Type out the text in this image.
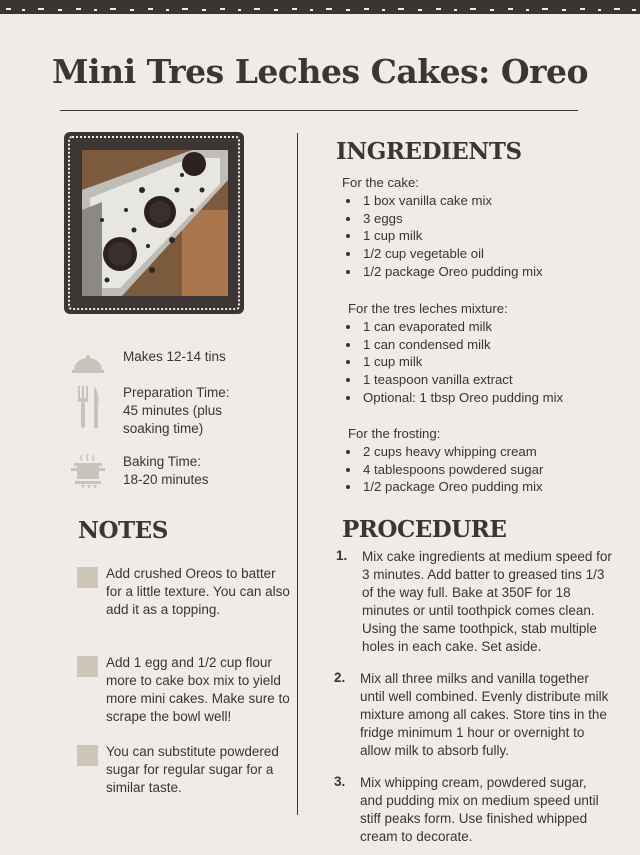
Mini Tres Leches Cakes: Oreo
Makes 12-14 tins
Preparation Time:
45 minutes (plus
soaking time)
Baking Time:
18-20 minutes
NOTES
Add crushed Oreos to batter for a little texture. You can also add it as a topping.
Add 1 egg and 1/2 cup flour more to cake box mix to yield more mini cakes. Make sure to scrape the bowl well!
You can substitute powdered sugar for regular sugar for a similar taste.
INGREDIENTS
For the cake:
1 box vanilla cake mix
3 eggs
1 cup milk
1/2 cup vegetable oil
1/2 package Oreo pudding mix
For the tres leches mixture:
1 can evaporated milk
1 can condensed milk
1 cup milk
1 teaspoon vanilla extract
Optional: 1 tbsp Oreo pudding mix
For the frosting:
2 cups heavy whipping cream
4 tablespoons powdered sugar
1/2 package Oreo pudding mix
PROCEDURE
1. Mix cake ingredients at medium speed for 3 minutes. Add batter to greased tins 1/3 of the way full. Bake at 350F for 18 minutes or until toothpick comes clean. Using the same toothpick, stab multiple holes in each cake. Set aside.
2. Mix all three milks and vanilla together until well combined. Evenly distribute milk mixture among all cakes. Store tins in the fridge minimum 1 hour or overnight to allow milk to absorb fully.
3. Mix whipping cream, powdered sugar, and pudding mix on medium speed until stiff peaks form. Use finished whipped cream to decorate.
